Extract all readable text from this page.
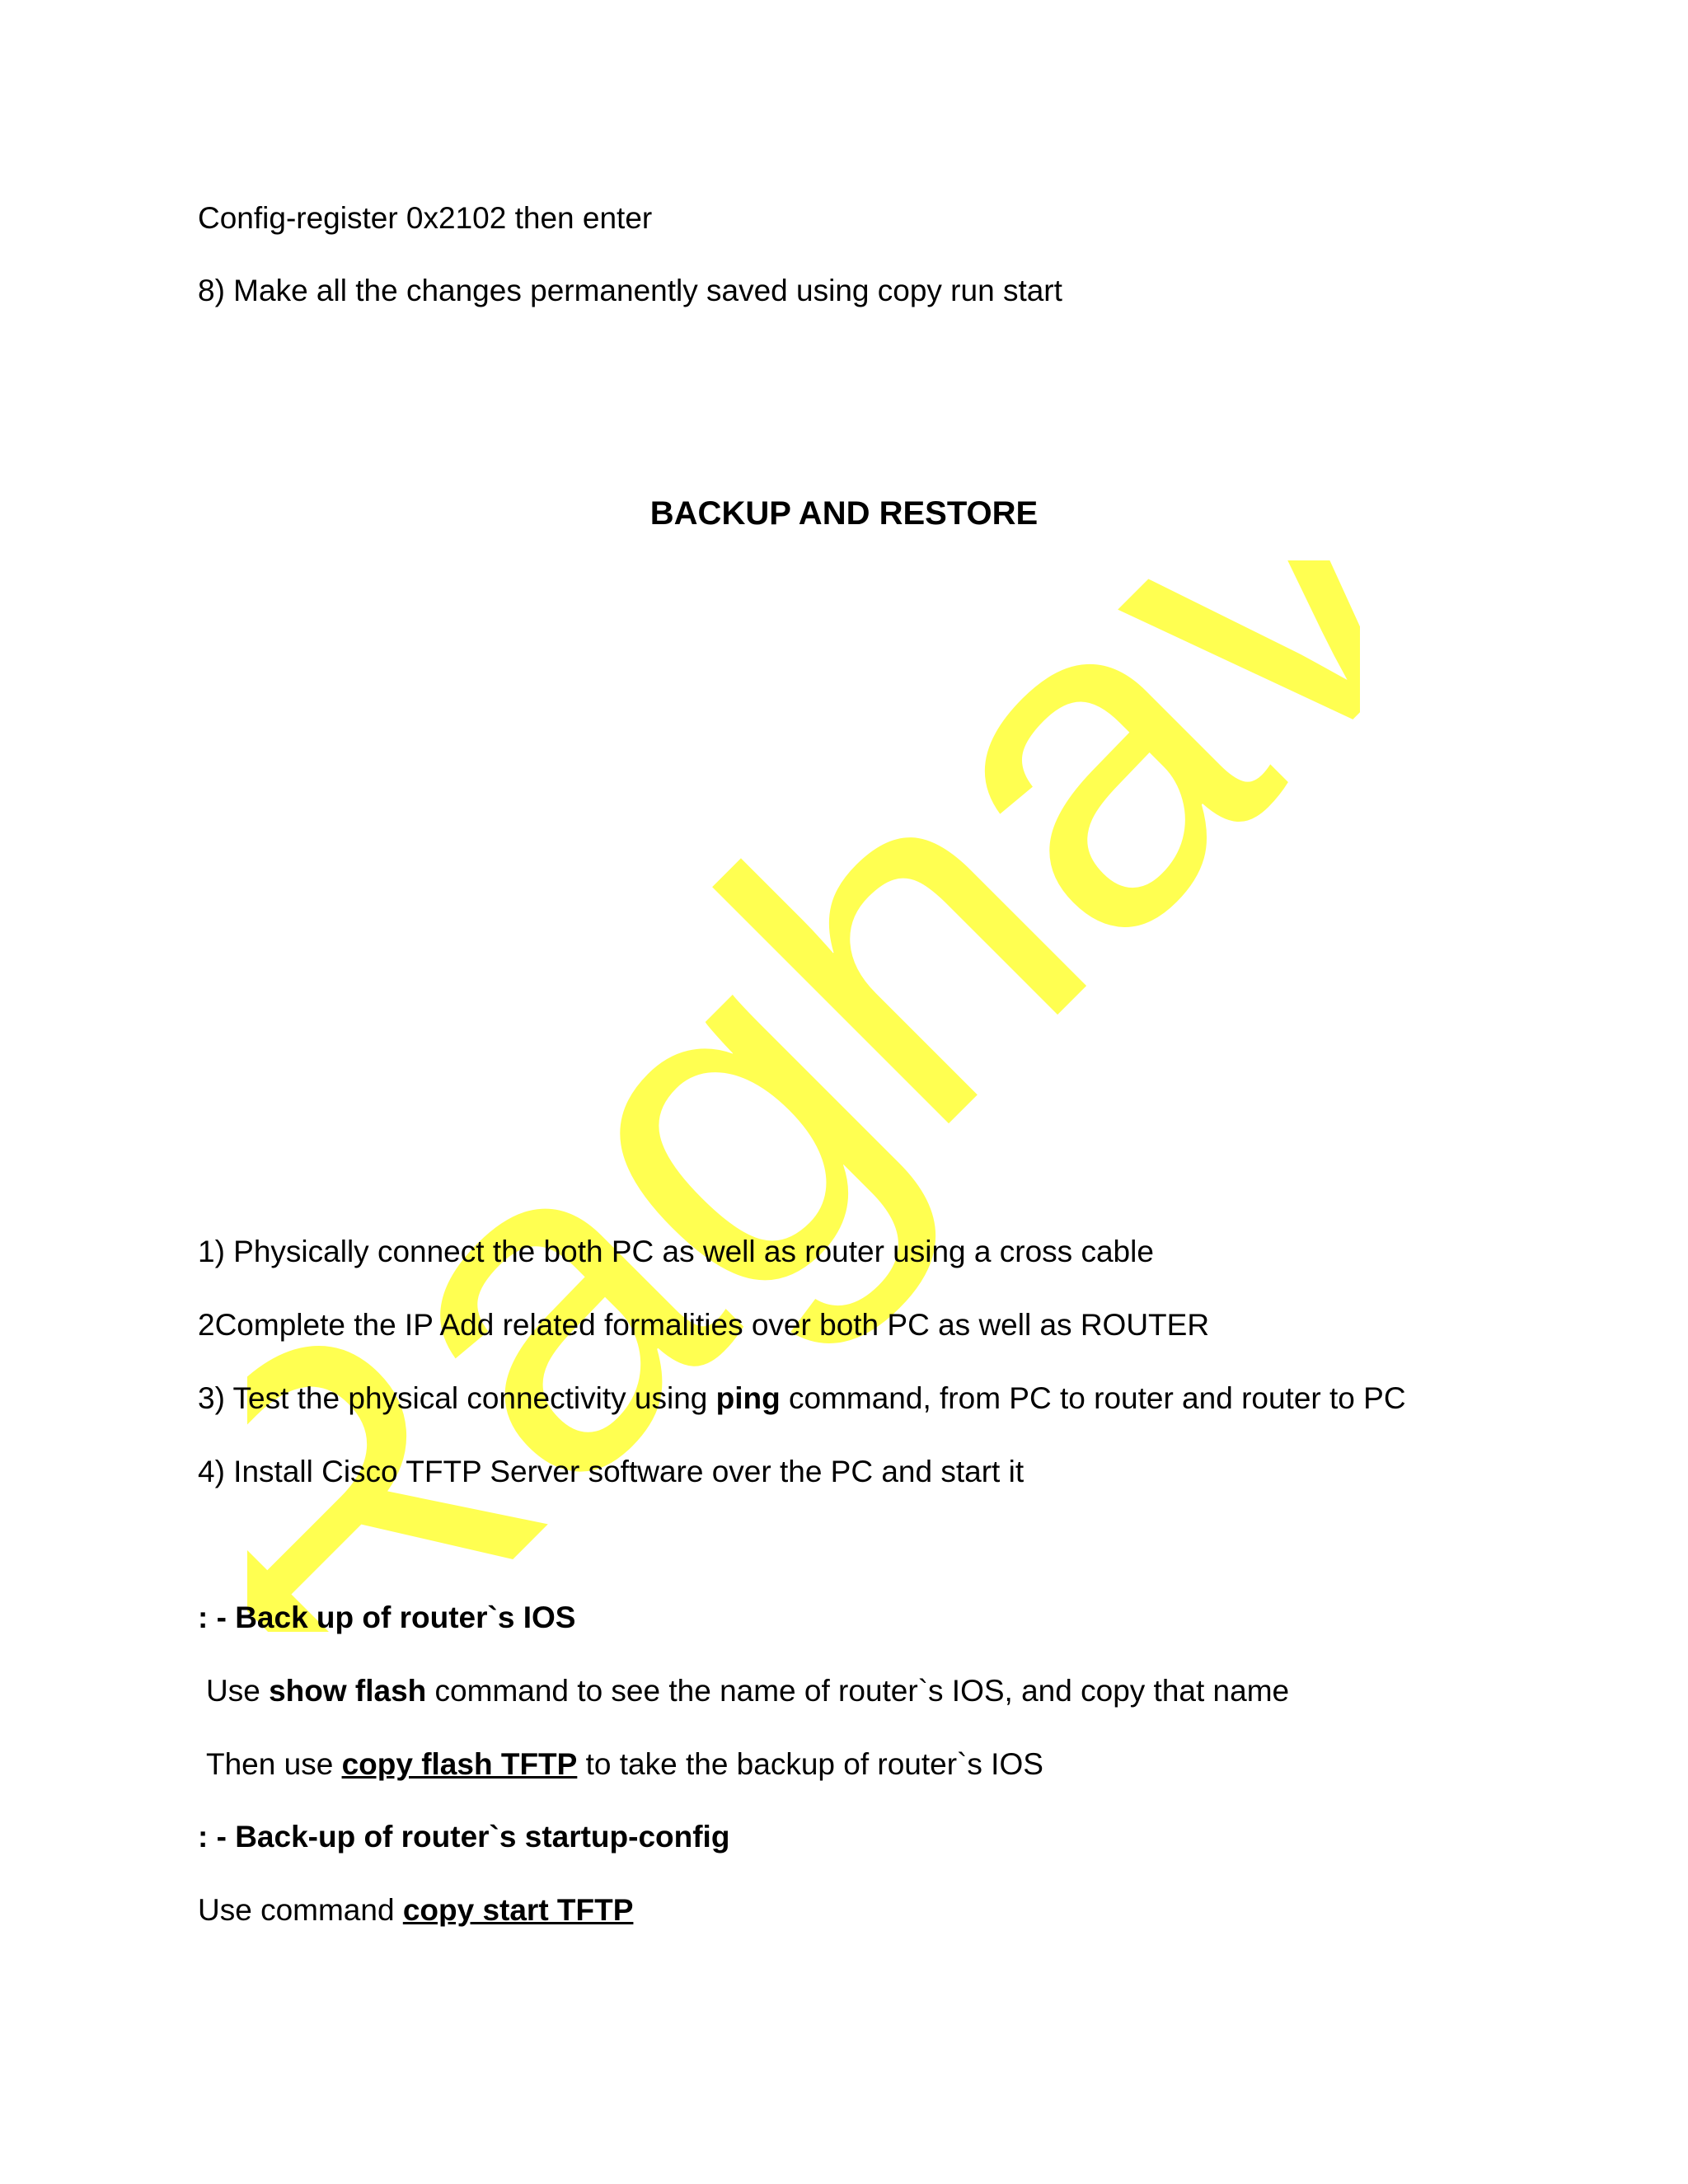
Raghav
Config-register 0x2102 then enter
8) Make all the changes permanently saved using copy run start
BACKUP AND RESTORE
1) Physically connect the both PC as well as router using a cross cable
2Complete the IP Add related formalities over both PC as well as ROUTER
3) Test the physical connectivity using ping command, from PC to router and router to PC
4) Install Cisco TFTP Server software over the PC and start it
: - Back up of router`s IOS
Use show flash command to see the name of router`s IOS, and copy that name
Then use copy flash TFTP to take the backup of router`s IOS
: - Back-up of router`s startup-config
Use command copy start TFTP
